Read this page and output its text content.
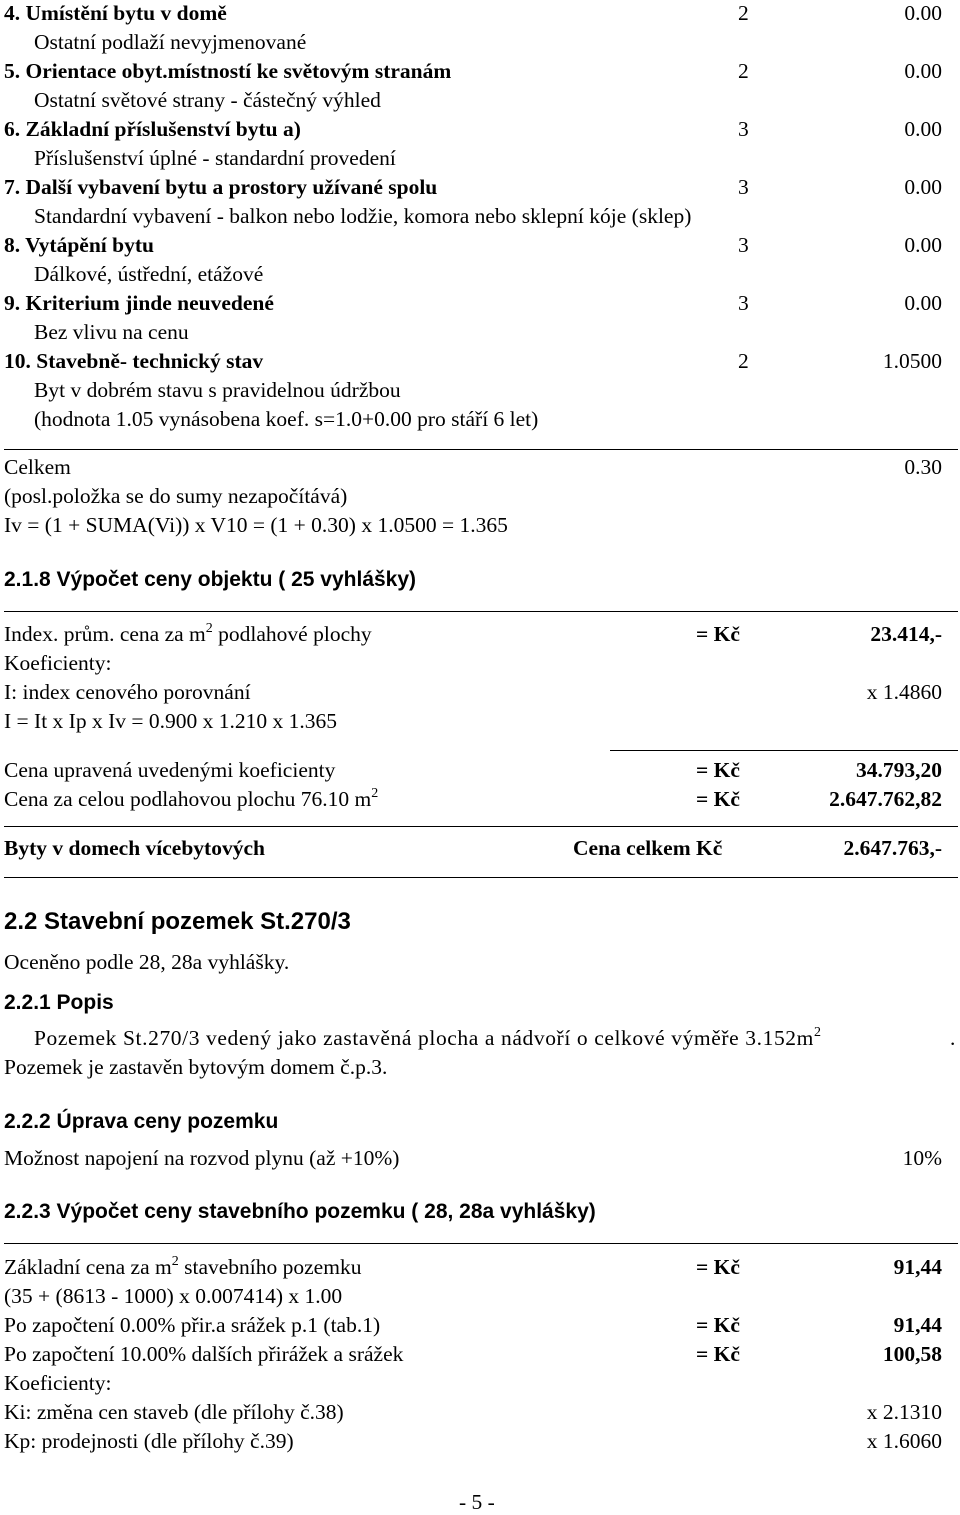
4. Umístění bytu v domě	2	0.00
Ostatní podlaží nevyjmenované
5. Orientace obyt.místností ke světovým stranám	2	0.00
Ostatní světové strany - částečný výhled
6. Základní příslušenství bytu a)	3	0.00
Příslušenství úplné - standardní provedení
7. Další vybavení bytu a prostory užívané spolu	3	0.00
Standardní vybavení - balkon nebo lodžie, komora nebo sklepní kóje (sklep)
8. Vytápění bytu	3	0.00
Dálkové, ústřední, etážové
9. Kriterium jinde neuvedené	3	0.00
Bez vlivu na cenu
10. Stavebně- technický stav	2	1.0500
Byt v dobrém stavu s pravidelnou údržbou
(hodnota 1.05 vynásobena koef. s=1.0+0.00 pro stáří 6 let)
Celkem	0.30
(posl.položka se do sumy nezapočítává)
Iv = (1 + SUMA(Vi)) x V10 = (1 + 0.30) x 1.0500 = 1.365
2.1.8 Výpočet ceny objektu ( 25 vyhlášky)
Index. prům. cena za $m^2$ podlahové plochy	= Kč	23.414,-
Koeficienty:
I: index cenového porovnání	x 1.4860
I = It x Ip x Iv = 0.900 x 1.210 x 1.365
Cena upravená uvedenými koeficienty	= Kč	34.793,20
Cena za celou podlahovou plochu 76.10 $m^2$	= Kč	2.647.762,82
Byty v domech vícebytových	Cena celkem Kč	2.647.763,-
2.2 Stavební pozemek St.270/3
Oceněno podle 28, 28a vyhlášky.
2.2.1 Popis
Pozemek St.270/3 vedený jako zastavěná plocha a nádvoří o celkové výměře $3.152m^2$	.
Pozemek je zastavěn bytovým domem č.p.3.
2.2.2 Úprava ceny pozemku
Možnost napojení na rozvod plynu (až +10%)	10%
2.2.3 Výpočet ceny stavebního pozemku ( 28, 28a vyhlášky)
Základní cena za $m^2$ stavebního pozemku	= Kč	91,44
(35 + (8613 - 1000) x 0.007414) x 1.00
Po započtení 0.00% přir.a srážek p.1 (tab.1)	= Kč	91,44
Po započtení 10.00% dalších přirážek a srážek	= Kč	100,58
Koeficienty:
Ki: změna cen staveb (dle přílohy č.38)	x 2.1310
Kp: prodejnosti (dle přílohy č.39)	x 1.6060
- 5 -
